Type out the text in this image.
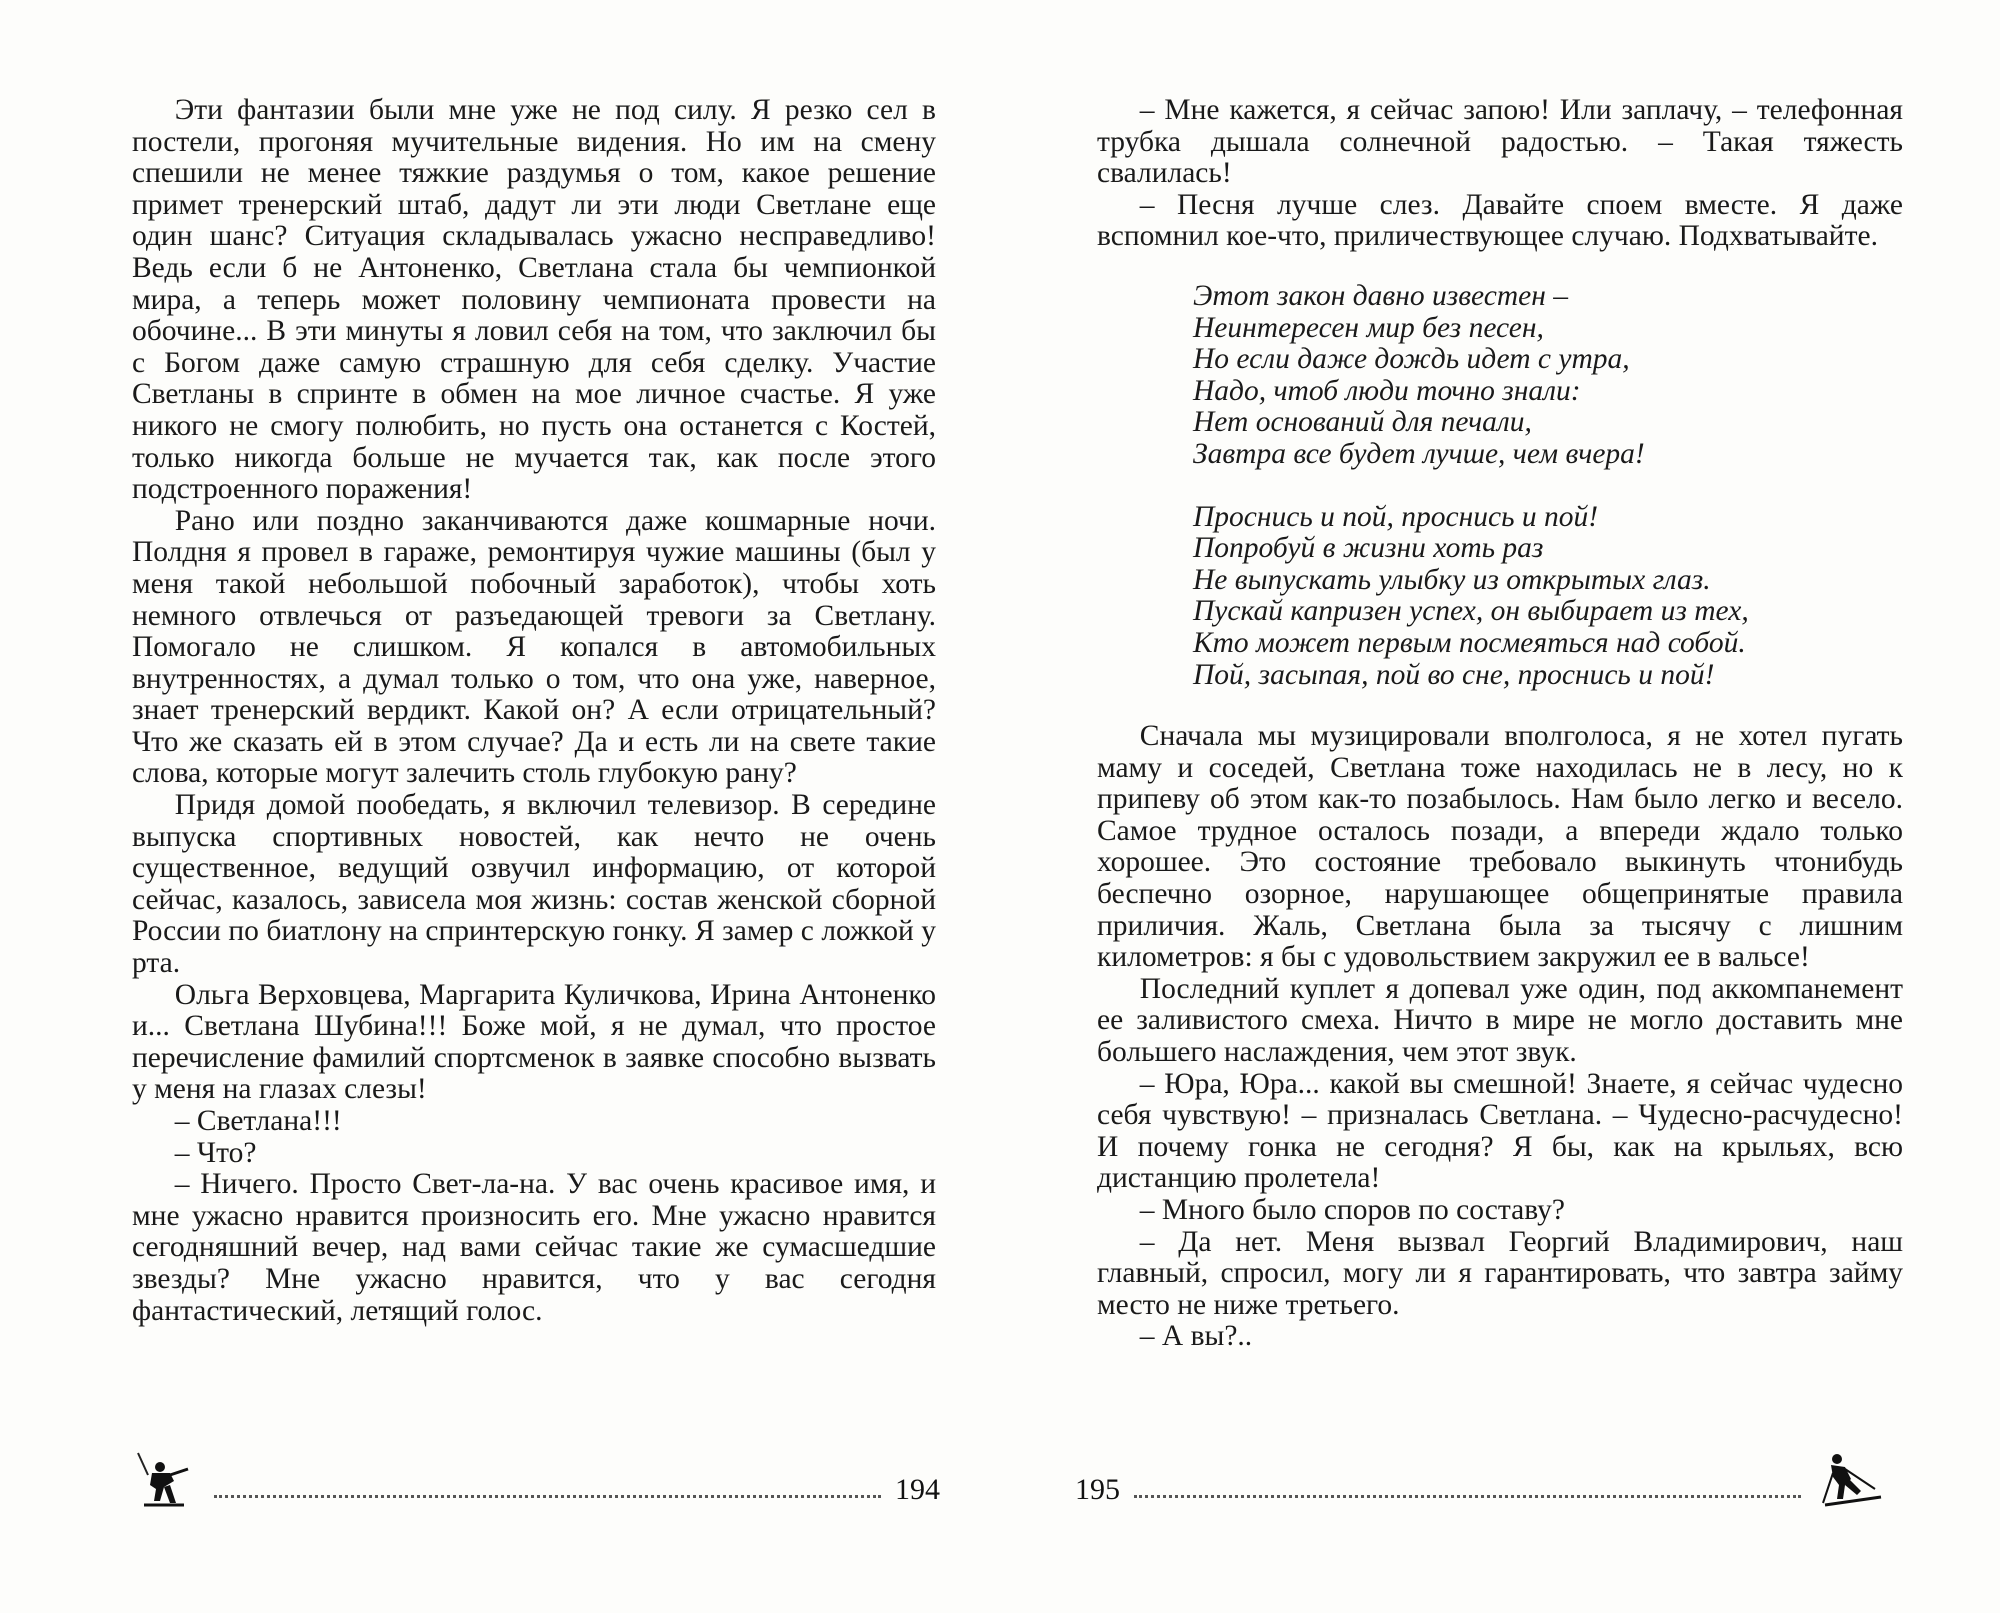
Эти фантазии были мне уже не под силу. Я резко сел в постели, прогоняя мучительные видения. Но им на смену спешили не менее тяжкие раздумья о том, какое решение примет тренерский штаб, дадут ли эти люди Светлане еще один шанс? Ситуация складывалась ужасно несправедливо! Ведь если б не Антоненко, Светлана стала бы чемпионкой мира, а теперь может половину чемпионата провести на обочине... В эти минуты я ловил себя на том, что заключил бы с Богом даже самую страшную для себя сделку. Участие Светланы в спринте в обмен на мое личное счастье. Я уже никого не смогу полюбить, но пусть она останется с Костей, только никогда больше не мучается так, как после этого подстроенного поражения!

Рано или поздно заканчиваются даже кошмарные ночи. Полдня я провел в гараже, ремонтируя чужие машины (был у меня такой небольшой побочный заработок), чтобы хоть немного отвлечься от разъедающей тревоги за Светлану. Помогало не слишком. Я копался в автомобильных внутренностях, а думал только о том, что она уже, наверное, знает тренерский вердикт. Какой он? А если отрицательный? Что же сказать ей в этом случае? Да и есть ли на свете такие слова, которые могут залечить столь глубокую рану?

Придя домой пообедать, я включил телевизор. В середине выпуска спортивных новостей, как нечто не очень существенное, ведущий озвучил информацию, от которой сейчас, казалось, зависела моя жизнь: состав женской сборной России по биатлону на спринтерскую гонку. Я замер с ложкой у рта.

Ольга Верховцева, Маргарита Куличкова, Ирина Антоненко и... Светлана Шубина!!! Боже мой, я не думал, что простое перечисление фамилий спортсменок в заявке способно вызвать у меня на глазах слезы!

– Светлана!!!

– Что?

– Ничего. Просто Свет-ла-на. У вас очень красивое имя, и мне ужасно нравится произносить его. Мне ужасно нравится сегодняшний вечер, над вами сейчас такие же сумасшедшие звезды? Мне ужасно нравится, что у вас сегодня фантастический, летящий голос.

– Мне кажется, я сейчас запою! Или заплачу, – телефонная трубка дышала солнечной радостью. – Такая тяжесть свалилась!

– Песня лучше слез. Давайте споем вместе. Я даже вспомнил кое-что, приличествующее случаю. Подхватывайте.

Этот закон давно известен –
Неинтересен мир без песен,
Но если даже дождь идет с утра,
Надо, чтоб люди точно знали:
Нет оснований для печали,
Завтра все будет лучше, чем вчера!
Проснись и пой, проснись и пой!
Попробуй в жизни хоть раз
Не выпускать улыбку из открытых глаз.
Пускай капризен успех, он выбирает из тех,
Кто может первым посмеяться над собой.
Пой, засыпая, пой во сне, проснись и пой!

Сначала мы музицировали вполголоса, я не хотел пугать маму и соседей, Светлана тоже находилась не в лесу, но к припеву об этом как-то позабылось. Нам было легко и весело. Самое трудное осталось позади, а впереди ждало только хорошее. Это состояние требовало выкинуть чтонибудь беспечно озорное, нарушающее общепринятые правила приличия. Жаль, Светлана была за тысячу с лишним километров: я бы с удовольствием закружил ее в вальсе!

Последний куплет я допевал уже один, под аккомпанемент ее заливистого смеха. Ничто в мире не могло доставить мне большего наслаждения, чем этот звук.

– Юра, Юра... какой вы смешной! Знаете, я сейчас чудесно себя чувствую! – призналась Светлана. – Чудесно-расчудесно! И почему гонка не сегодня? Я бы, как на крыльях, всю дистанцию пролетела!

– Много было споров по составу?

– Да нет. Меня вызвал Георгий Владимирович, наш главный, спросил, могу ли я гарантировать, что завтра займу место не ниже третьего.

– А вы?..

194	195
